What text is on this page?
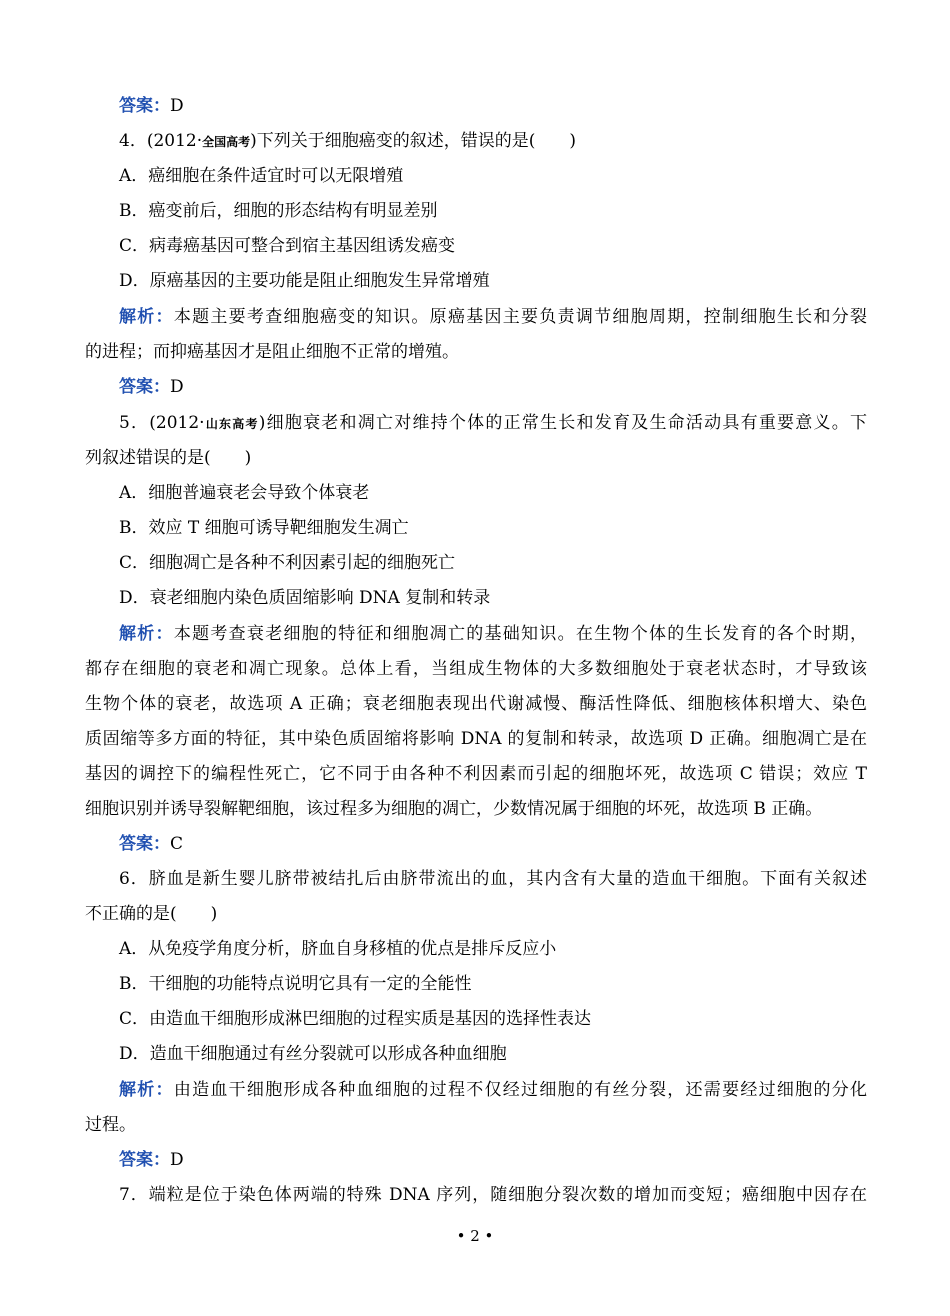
答案：D
4．(2012·全国高考)下列关于细胞癌变的叙述，错误的是(　　)
A．癌细胞在条件适宜时可以无限增殖
B．癌变前后，细胞的形态结构有明显差别
C．病毒癌基因可整合到宿主基因组诱发癌变
D．原癌基因的主要功能是阻止细胞发生异常增殖
解析：本题主要考查细胞癌变的知识。原癌基因主要负责调节细胞周期，控制细胞生长和分裂
的进程；而抑癌基因才是阻止细胞不正常的增殖。
答案：D
5．(2012·山东高考)细胞衰老和凋亡对维持个体的正常生长和发育及生命活动具有重要意义。下
列叙述错误的是(　　)
A．细胞普遍衰老会导致个体衰老
B．效应 T 细胞可诱导靶细胞发生凋亡
C．细胞凋亡是各种不利因素引起的细胞死亡
D．衰老细胞内染色质固缩影响 DNA 复制和转录
解析：本题考查衰老细胞的特征和细胞凋亡的基础知识。在生物个体的生长发育的各个时期，
都存在细胞的衰老和凋亡现象。总体上看，当组成生物体的大多数细胞处于衰老状态时，才导致该
生物个体的衰老，故选项 A 正确；衰老细胞表现出代谢减慢、酶活性降低、细胞核体积增大、染色
质固缩等多方面的特征，其中染色质固缩将影响 DNA 的复制和转录，故选项 D 正确。细胞凋亡是在
基因的调控下的编程性死亡，它不同于由各种不利因素而引起的细胞坏死，故选项 C 错误；效应 T
细胞识别并诱导裂解靶细胞，该过程多为细胞的凋亡，少数情况属于细胞的坏死，故选项 B 正确。
答案：C
6．脐血是新生婴儿脐带被结扎后由脐带流出的血，其内含有大量的造血干细胞。下面有关叙述
不正确的是(　　)
A．从免疫学角度分析，脐血自身移植的优点是排斥反应小
B．干细胞的功能特点说明它具有一定的全能性
C．由造血干细胞形成淋巴细胞的过程实质是基因的选择性表达
D．造血干细胞通过有丝分裂就可以形成各种血细胞
解析：由造血干细胞形成各种血细胞的过程不仅经过细胞的有丝分裂，还需要经过细胞的分化
过程。
答案：D
7．端粒是位于染色体两端的特殊 DNA 序列，随细胞分裂次数的增加而变短；癌细胞中因存在
• 2 •
